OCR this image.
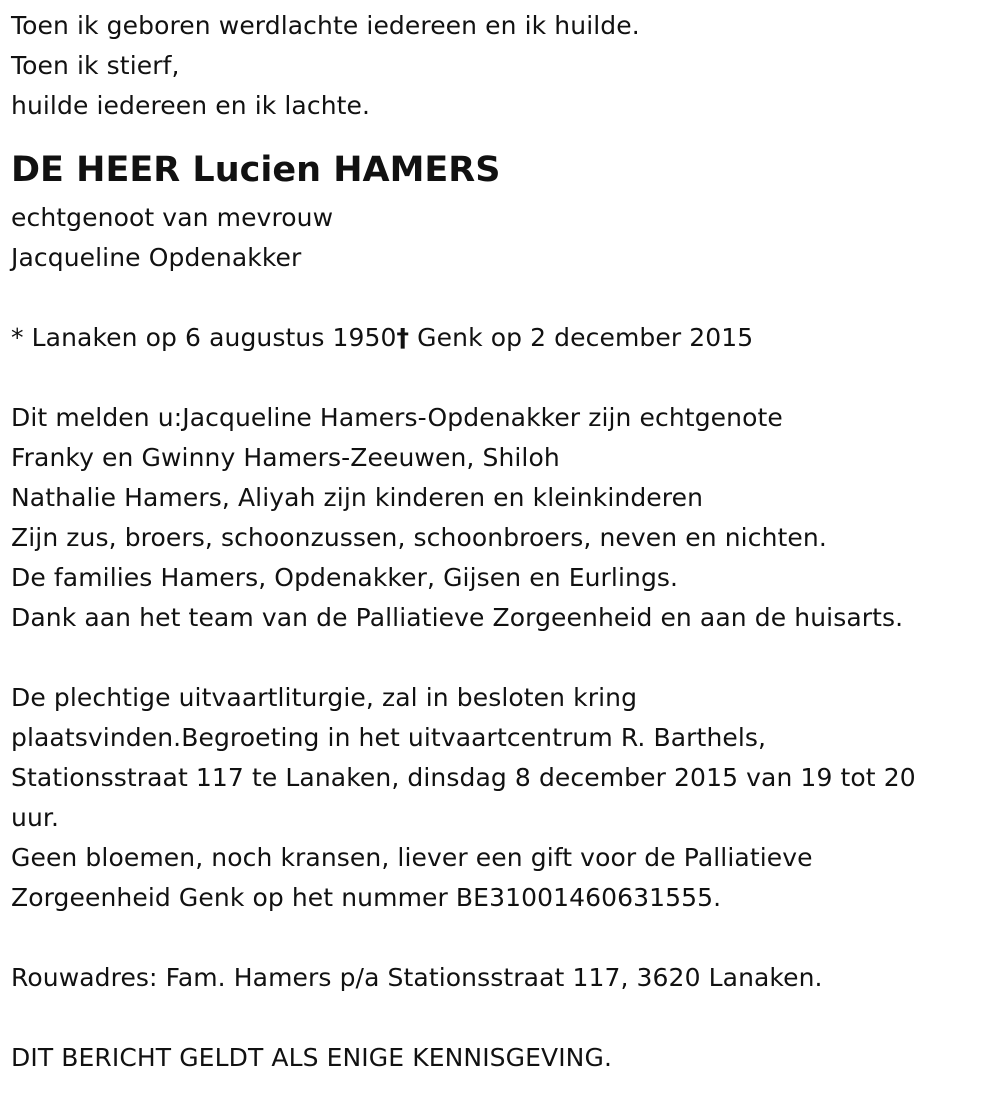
Toen ik geboren werdlachte iedereen en ik huilde.
Toen ik stierf,
huilde iedereen en ik lachte.
DE HEER Lucien HAMERS
echtgenoot van mevrouw
Jacqueline Opdenakker
* Lanaken op 6 augustus 1950† Genk op 2 december 2015
Dit melden u:Jacqueline Hamers-Opdenakker zijn echtgenote
Franky en Gwinny Hamers-Zeeuwen, Shiloh
Nathalie Hamers, Aliyah zijn kinderen en kleinkinderen
Zijn zus, broers, schoonzussen, schoonbroers, neven en nichten.
De families Hamers, Opdenakker, Gijsen en Eurlings.
Dank aan het team van de Palliatieve Zorgeenheid en aan de huisarts.
De plechtige uitvaartliturgie, zal in besloten kring
plaatsvinden.Begroeting in het uitvaartcentrum R. Barthels,
Stationsstraat 117 te Lanaken, dinsdag 8 december 2015 van 19 tot 20
uur.
Geen bloemen, noch kransen, liever een gift voor de Palliatieve
Zorgeenheid Genk op het nummer BE31001460631555.
Rouwadres: Fam. Hamers p/a Stationsstraat 117, 3620 Lanaken.
DIT BERICHT GELDT ALS ENIGE KENNISGEVING.
